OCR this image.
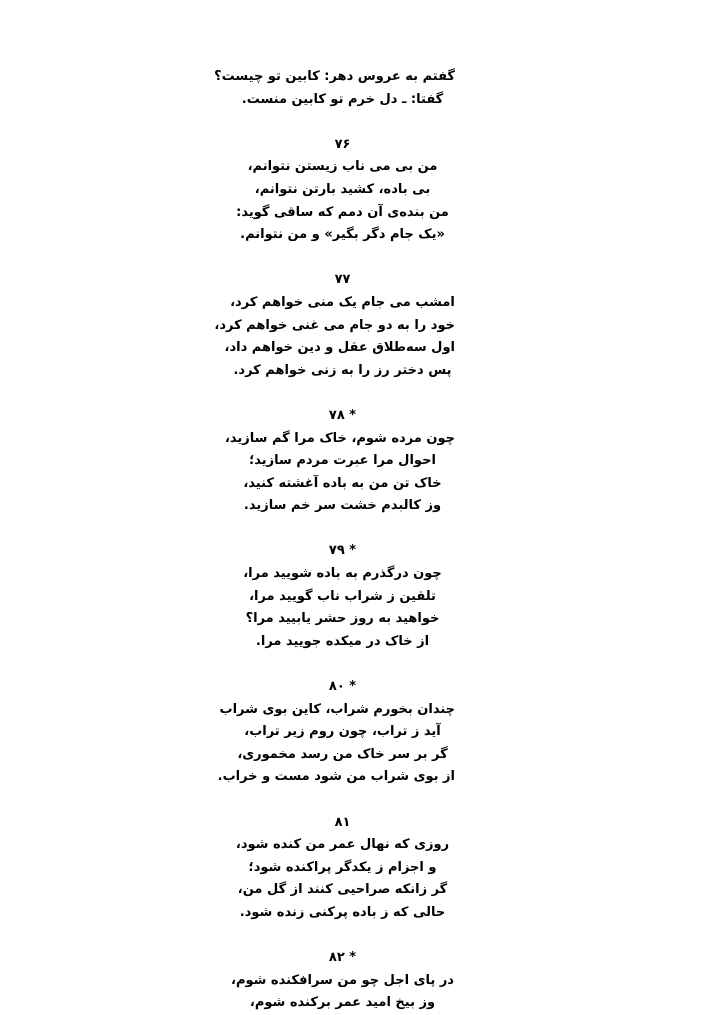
گفتم به عروس دهر: کابین تو چیست؟
گفتا: ـ دل خرم تو کابین منست.
۷۶
من بی می ناب زیستن نتوانم،
بی باده، کشید بارتن نتوانم،
من بنده‌ی آن دمم که ساقی گوید:
«یک جام دگر بگیر» و من نتوانم.
۷۷
امشب می جام یک منی خواهم کرد،
خود را به دو جام می غنی خواهم کرد،
اول سه‌طلاق عقل و دین خواهم داد،
پس دختر رز را به زنی خواهم کرد.
* ۷۸
چون مرده شوم، خاک مرا گم سازید،
احوال مرا عبرت مردم سازید؛
خاک تن من به باده آغشته کنید،
وز کالبدم خشت سر خم سازید.
* ۷۹
چون درگذرم به باده شویید مرا،
تلقین ز شراب ناب گویید مرا،
خواهید به روز حشر یابیید مرا؟
از خاک در میکده جویید مرا.
* ۸۰
چندان بخورم شراب، کاین بوی شراب
آید ز تراب، چون روم زیر تراب،
گر بر سر خاک من رسد مخموری،
از بوی شراب من شود مست و خراب.
۸۱
روزی که نهال عمر من کنده شود،
و اجزام ز یکدگر پراکنده شود؛
گر زانکه صراحیی کنند از گل من،
حالی که ز باده پرکنی زنده شود.
* ۸۲
در پای اجل چو من سرافکنده شوم،
وز بیخ امید عمر برکنده شوم،
